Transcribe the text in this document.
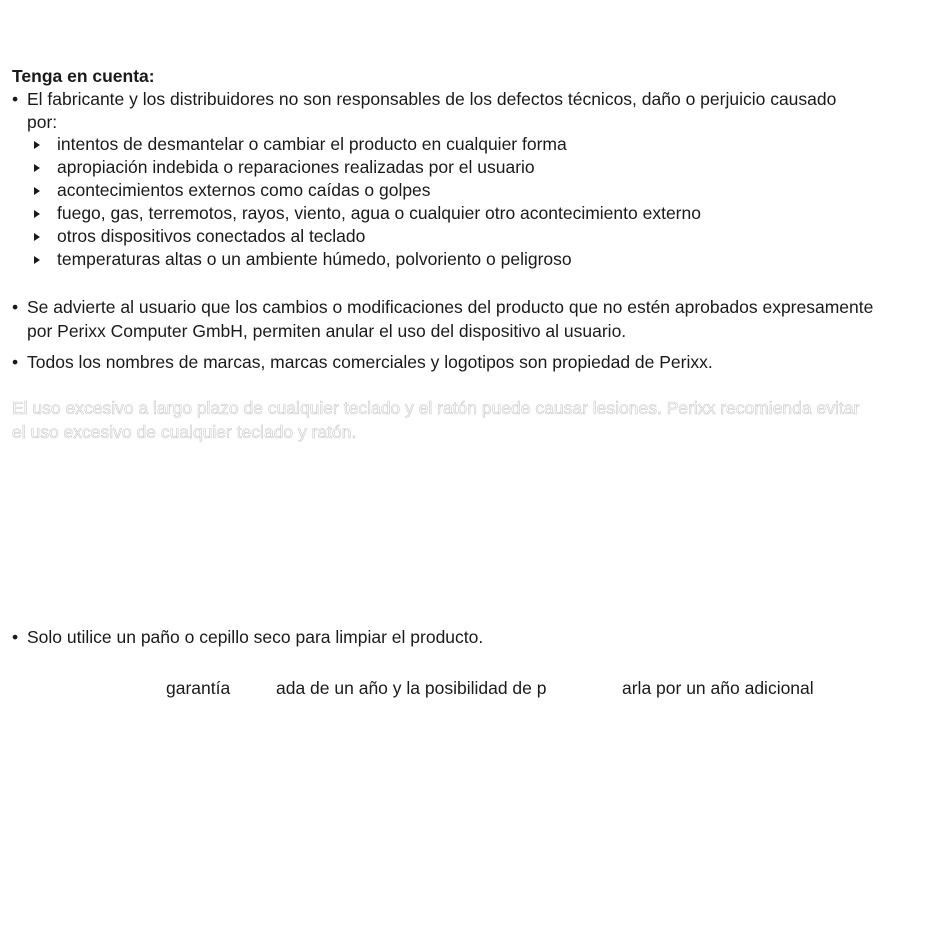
Tenga en cuenta:
• El fabricante y los distribuidores no son responsables de los defectos técnicos, daño o perjuicio causado
por:
intentos de desmantelar o cambiar el producto en cualquier forma
apropiación indebida o reparaciones realizadas por el usuario
acontecimientos externos como caídas o golpes
fuego, gas, terremotos, rayos, viento, agua o cualquier otro acontecimiento externo
otros dispositivos conectados al teclado
temperaturas altas o un ambiente húmedo, polvoriento o peligroso
• Se advierte al usuario que los cambios o modificaciones del producto que no estén aprobados expresamente
por Perixx Computer GmbH, permiten anular el uso del dispositivo al usuario.
• Todos los nombres de marcas, marcas comerciales y logotipos son propiedad de Perixx.
El uso excesivo a largo plazo de cualquier teclado y el ratón puede causar lesiones. Perixx recomienda evitar
el uso excesivo de cualquier teclado y ratón.
• Solo utilice un paño o cepillo seco para limpiar el producto.
garantía	ada de un año y la posibilidad de p	arla por un año adicional
